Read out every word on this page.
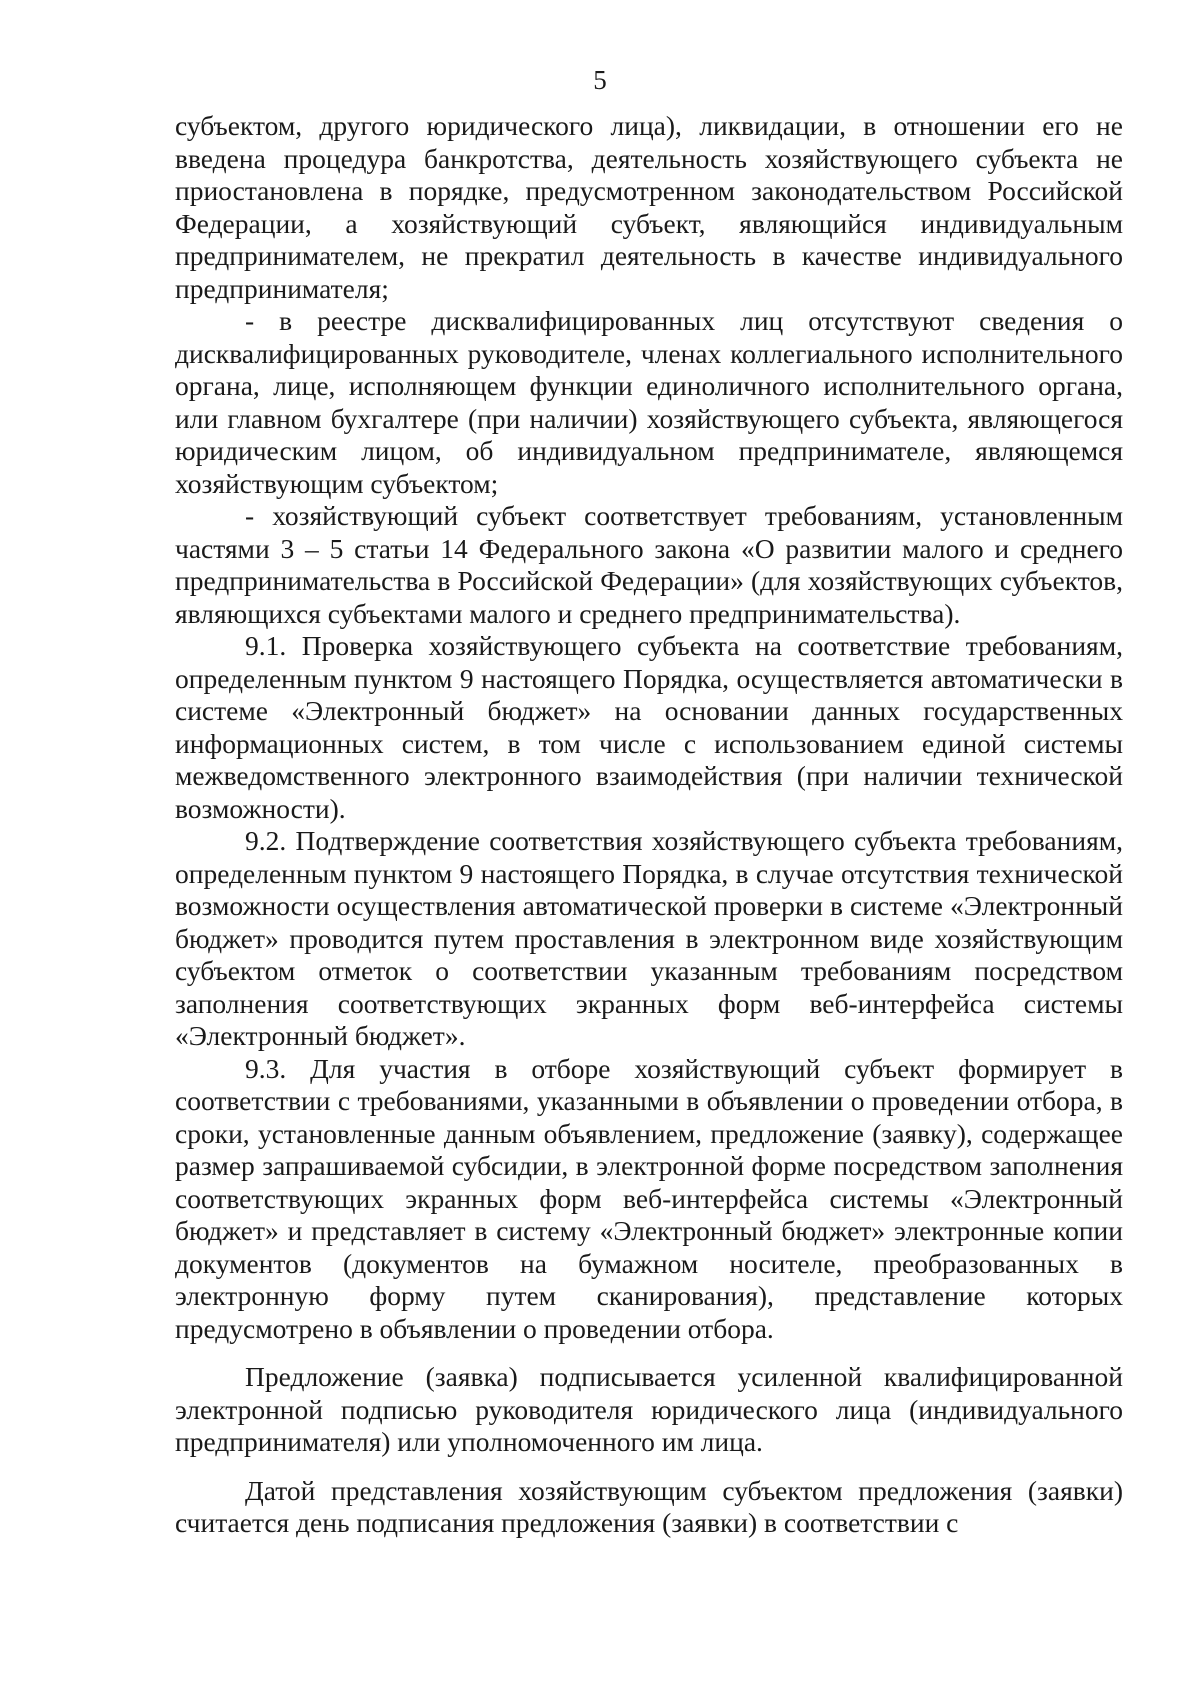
5

субъектом, другого юридического лица), ликвидации, в отношении его не введена процедура банкротства, деятельность хозяйствующего субъекта не приостановлена в порядке, предусмотренном законодательством Российской Федерации, а хозяйствующий субъект, являющийся индивидуальным предпринимателем, не прекратил деятельность в качестве индивидуального предпринимателя;

- в реестре дисквалифицированных лиц отсутствуют сведения о дисквалифицированных руководителе, членах коллегиального исполнительного органа, лице, исполняющем функции единоличного исполнительного органа, или главном бухгалтере (при наличии) хозяйствующего субъекта, являющегося юридическим лицом, об индивидуальном предпринимателе, являющемся хозяйствующим субъектом;

- хозяйствующий субъект соответствует требованиям, установленным частями 3 – 5 статьи 14 Федерального закона «О развитии малого и среднего предпринимательства в Российской Федерации» (для хозяйствующих субъектов, являющихся субъектами малого и среднего предпринимательства).

9.1. Проверка хозяйствующего субъекта на соответствие требованиям, определенным пунктом 9 настоящего Порядка, осуществляется автоматически в системе «Электронный бюджет» на основании данных государственных информационных систем, в том числе с использованием единой системы межведомственного электронного взаимодействия (при наличии технической возможности).

9.2. Подтверждение соответствия хозяйствующего субъекта требованиям, определенным пунктом 9 настоящего Порядка, в случае отсутствия технической возможности осуществления автоматической проверки в системе «Электронный бюджет» проводится путем проставления в электронном виде хозяйствующим субъектом отметок о соответствии указанным требованиям посредством заполнения соответствующих экранных форм веб-интерфейса системы «Электронный бюджет».

9.3. Для участия в отборе хозяйствующий субъект формирует в соответствии с требованиями, указанными в объявлении о проведении отбора, в сроки, установленные данным объявлением, предложение (заявку), содержащее размер запрашиваемой субсидии, в электронной форме посредством заполнения соответствующих экранных форм веб-интерфейса системы «Электронный бюджет» и представляет в систему «Электронный бюджет» электронные копии документов (документов на бумажном носителе, преобразованных в электронную форму путем сканирования), представление которых предусмотрено в объявлении о проведении отбора.

Предложение (заявка) подписывается усиленной квалифицированной электронной подписью руководителя юридического лица (индивидуального предпринимателя) или уполномоченного им лица.

Датой представления хозяйствующим субъектом предложения (заявки) считается день подписания предложения (заявки) в соответствии с
